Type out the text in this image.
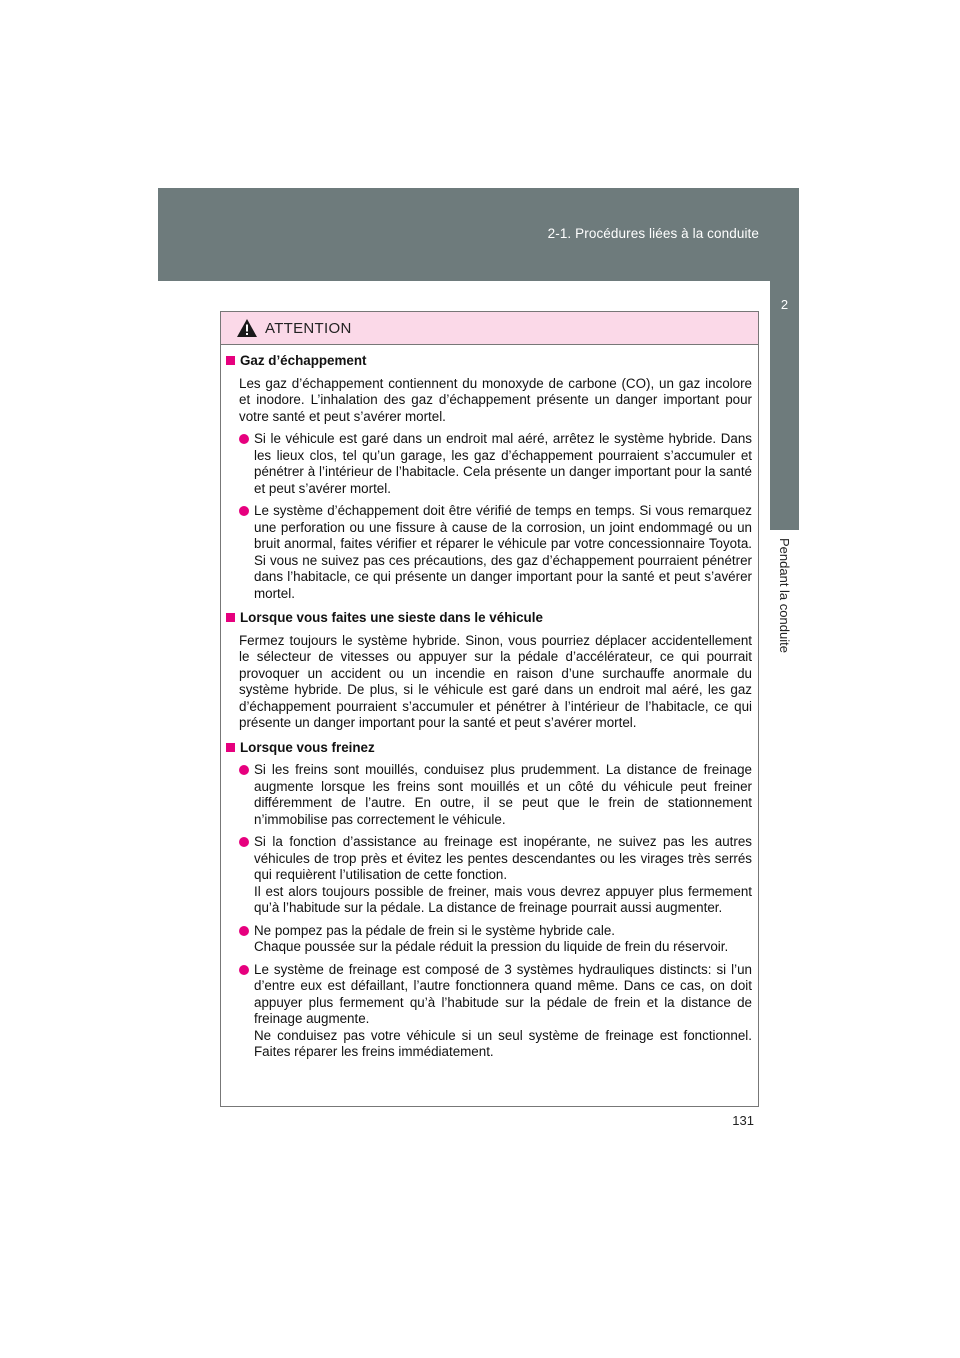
2-1. Procédures liées à la conduite
2
Pendant la conduite
ATTENTION
Gaz d’échappement
Les gaz d’échappement contiennent du monoxyde de carbone (CO), un gaz incolore et inodore. L’inhalation des gaz d’échappement présente un danger important pour votre santé et peut s’avérer mortel.
Si le véhicule est garé dans un endroit mal aéré, arrêtez le système hybride. Dans les lieux clos, tel qu’un garage, les gaz d’échappement pourraient s’accumuler et pénétrer à l’intérieur de l’habitacle. Cela présente un danger important pour la santé et peut s’avérer mortel.
Le système d’échappement doit être vérifié de temps en temps. Si vous remarquez une perforation ou une fissure à cause de la corrosion, un joint endommagé ou un bruit anormal, faites vérifier et réparer le véhicule par votre concessionnaire Toyota. Si vous ne suivez pas ces précautions, des gaz d’échappement pourraient pénétrer dans l’habitacle, ce qui présente un danger important pour la santé et peut s’avérer mortel.
Lorsque vous faites une sieste dans le véhicule
Fermez toujours le système hybride. Sinon, vous pourriez déplacer accidentellement le sélecteur de vitesses ou appuyer sur la pédale d’accélérateur, ce qui pourrait provoquer un accident ou un incendie en raison d’une surchauffe anormale du système hybride. De plus, si le véhicule est garé dans un endroit mal aéré, les gaz d’échappement pourraient s’accumuler et pénétrer à l’intérieur de l’habitacle, ce qui présente un danger important pour la santé et peut s’avérer mortel.
Lorsque vous freinez
Si les freins sont mouillés, conduisez plus prudemment. La distance de freinage augmente lorsque les freins sont mouillés et un côté du véhicule peut freiner différemment de l’autre. En outre, il se peut que le frein de stationnement n’immobilise pas correctement le véhicule.
Si la fonction d’assistance au freinage est inopérante, ne suivez pas les autres véhicules de trop près et évitez les pentes descendantes ou les virages très serrés qui requièrent l’utilisation de cette fonction.
Il est alors toujours possible de freiner, mais vous devrez appuyer plus fermement qu’à l’habitude sur la pédale. La distance de freinage pourrait aussi augmenter.
Ne pompez pas la pédale de frein si le système hybride cale.
Chaque poussée sur la pédale réduit la pression du liquide de frein du réservoir.
Le système de freinage est composé de 3 systèmes hydrauliques distincts: si l’un d’entre eux est défaillant, l’autre fonctionnera quand même. Dans ce cas, on doit appuyer plus fermement qu’à l’habitude sur la pédale de frein et la distance de freinage augmente.
Ne conduisez pas votre véhicule si un seul système de freinage est fonctionnel. Faites réparer les freins immédiatement.
131
